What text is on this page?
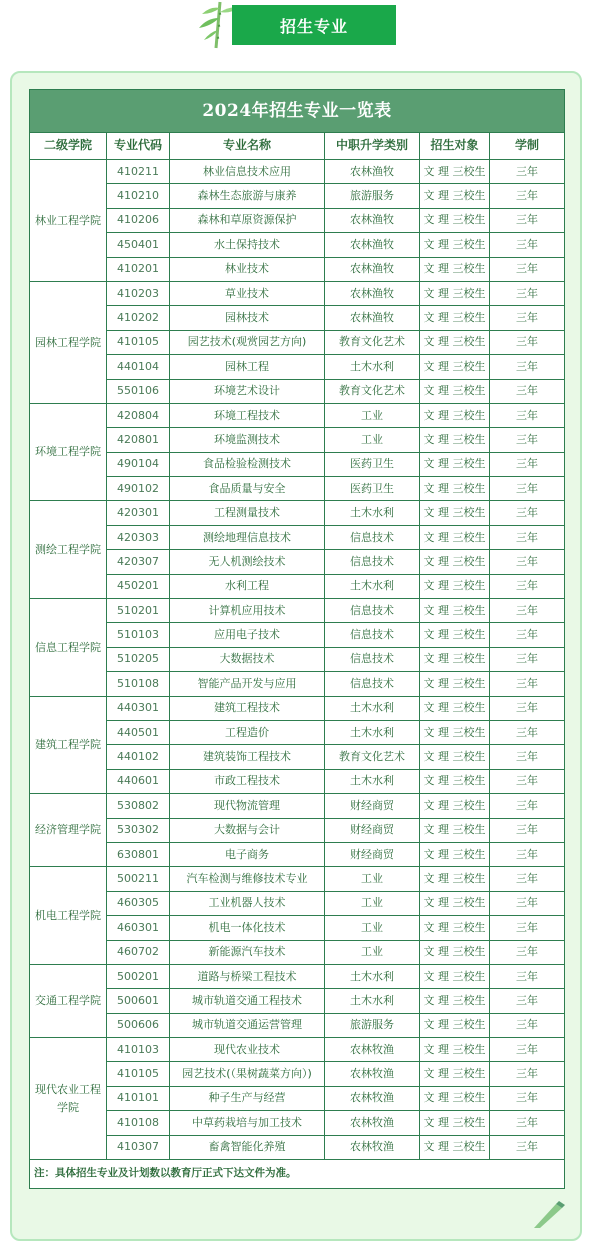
招生专业
2024年招生专业一览表					
二级学院	专业代码	专业名称	中职升学类别	招生对象	学制
林业工程学院	410211	林业信息技术应用	农林渔牧	文 理 三校生	三年
	410210	森林生态旅游与康养	旅游服务	文 理 三校生	三年
	410206	森林和草原资源保护	农林渔牧	文 理 三校生	三年
	450401	水土保持技术	农林渔牧	文 理 三校生	三年
	410201	林业技术	农林渔牧	文 理 三校生	三年
园林工程学院	410203	草业技术	农林渔牧	文 理 三校生	三年
	410202	园林技术	农林渔牧	文 理 三校生	三年
	410105	园艺技术(观赏园艺方向)	教育文化艺术	文 理 三校生	三年
	440104	园林工程	土木水利	文 理 三校生	三年
	550106	环境艺术设计	教育文化艺术	文 理 三校生	三年
环境工程学院	420804	环境工程技术	工业	文 理 三校生	三年
	420801	环境监测技术	工业	文 理 三校生	三年
	490104	食品检验检测技术	医药卫生	文 理 三校生	三年
	490102	食品质量与安全	医药卫生	文 理 三校生	三年
测绘工程学院	420301	工程测量技术	土木水利	文 理 三校生	三年
	420303	测绘地理信息技术	信息技术	文 理 三校生	三年
	420307	无人机测绘技术	信息技术	文 理 三校生	三年
	450201	水利工程	土木水利	文 理 三校生	三年
信息工程学院	510201	计算机应用技术	信息技术	文 理 三校生	三年
	510103	应用电子技术	信息技术	文 理 三校生	三年
	510205	大数据技术	信息技术	文 理 三校生	三年
	510108	智能产品开发与应用	信息技术	文 理 三校生	三年
建筑工程学院	440301	建筑工程技术	土木水利	文 理 三校生	三年
	440501	工程造价	土木水利	文 理 三校生	三年
	440102	建筑装饰工程技术	教育文化艺术	文 理 三校生	三年
	440601	市政工程技术	土木水利	文 理 三校生	三年
经济管理学院	530802	现代物流管理	财经商贸	文 理 三校生	三年
	530302	大数据与会计	财经商贸	文 理 三校生	三年
	630801	电子商务	财经商贸	文 理 三校生	三年
机电工程学院	500211	汽车检测与维修技术专业	工业	文 理 三校生	三年
	460305	工业机器人技术	工业	文 理 三校生	三年
	460301	机电一体化技术	工业	文 理 三校生	三年
	460702	新能源汽车技术	工业	文 理 三校生	三年
交通工程学院	500201	道路与桥梁工程技术	土木水利	文 理 三校生	三年
	500601	城市轨道交通工程技术	土木水利	文 理 三校生	三年
	500606	城市轨道交通运营管理	旅游服务	文 理 三校生	三年
现代农业工程学院	410103	现代农业技术	农林牧渔	文 理 三校生	三年
	410105	园艺技术(（果树蔬菜方向）)	农林牧渔	文 理 三校生	三年
	410101	种子生产与经营	农林牧渔	文 理 三校生	三年
	410108	中草药栽培与加工技术	农林牧渔	文 理 三校生	三年
	410307	畜禽智能化养殖	农林牧渔	文 理 三校生	三年
注：具体招生专业及计划数以教育厅正式下达文件为准。					
